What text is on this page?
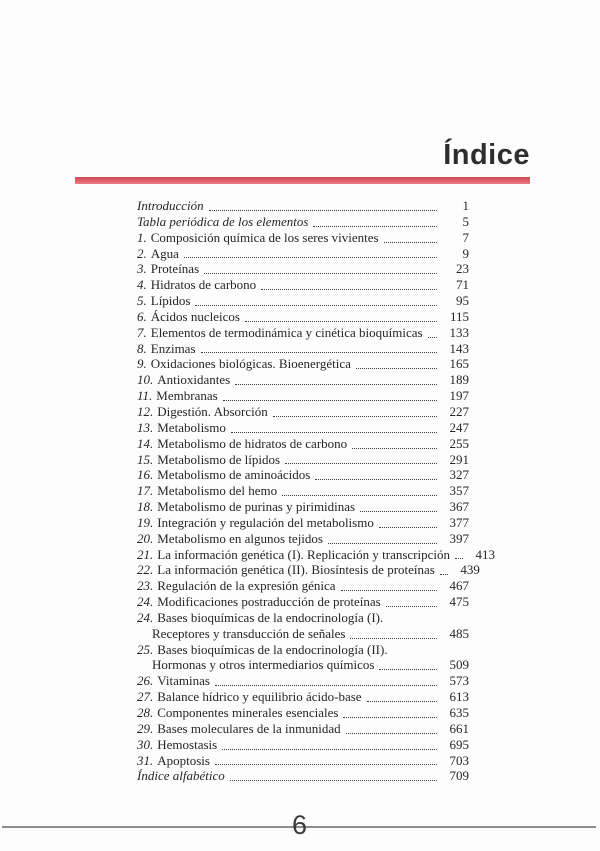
Índice
Introducción	1
Tabla periódica de los elementos	5
1. Composición química de los seres vivientes	7
2. Agua	9
3. Proteínas	23
4. Hidratos de carbono	71
5. Lípidos	95
6. Ácidos nucleicos	115
7. Elementos de termodinámica y cinética bioquímicas	133
8. Enzimas	143
9. Oxidaciones biológicas. Bioenergética	165
10. Antioxidantes	189
11. Membranas	197
12. Digestión. Absorción	227
13. Metabolismo	247
14. Metabolismo de hidratos de carbono	255
15. Metabolismo de lípidos	291
16. Metabolismo de aminoácidos	327
17. Metabolismo del hemo	357
18. Metabolismo de purinas y pirimidinas	367
19. Integración y regulación del metabolismo	377
20. Metabolismo en algunos tejidos	397
21. La información genética (I). Replicación y transcripción	413
22. La información genética (II). Biosíntesis de proteínas	439
23. Regulación de la expresión génica	467
24. Modificaciones postraducción de proteínas	475
24. Bases bioquímicas de la endocrinología (I).
Receptores y transducción de señales	485
25. Bases bioquímicas de la endocrinología (II).
Hormonas y otros intermediarios químicos	509
26. Vitaminas	573
27. Balance hídrico y equilibrio ácido-base	613
28. Componentes minerales esenciales	635
29. Bases moleculares de la inmunidad	661
30. Hemostasis	695
31. Apoptosis	703
Índice alfabético	709
6
